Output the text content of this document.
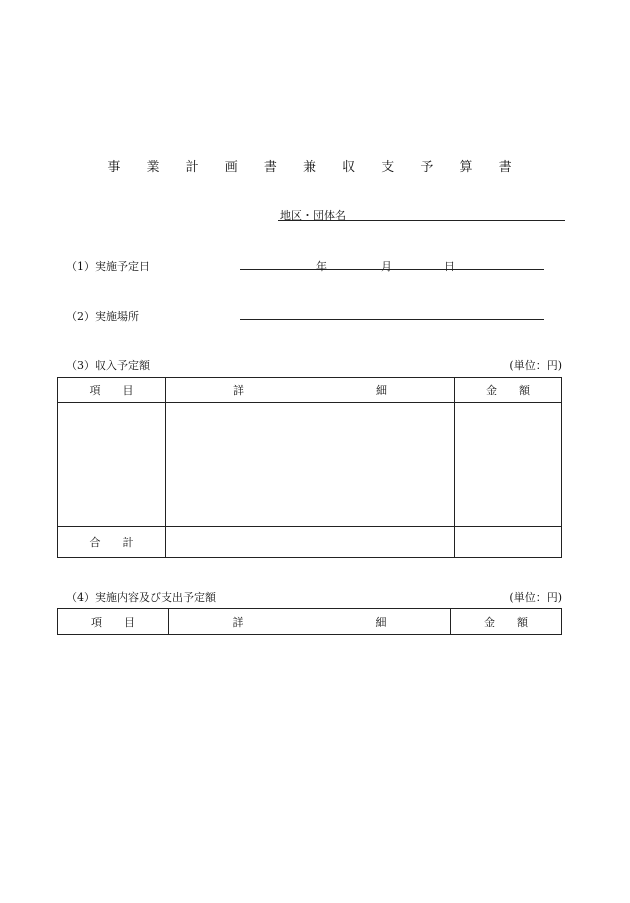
事 業 計 画 書 兼 収 支 予 算 書
地区・団体名
（1）実施予定日	年	月	日
（2）実施場所
（3）収入予定額	(単位：円)
項　　目	詳　　　　　　　　　　　　細	金　　額

合　　計		
（4）実施内容及び支出予定額	(単位：円)
項　　目	詳　　　　　　　　　　　　細	金　　額
